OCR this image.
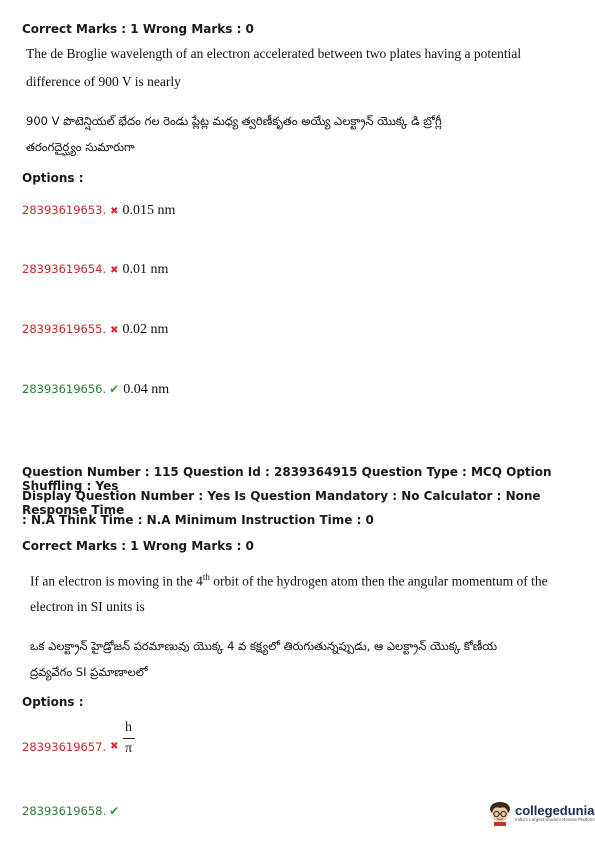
Correct Marks : 1 Wrong Marks : 0
The de Broglie wavelength of an electron accelerated between two plates having a potential
difference of 900 V is nearly
900 V పొటెన్షియల్ భేదం గల రెండు ప్లేట్ల మధ్య త్వరిణీకృతం అయ్యే ఎలక్ట్రాన్ యొక్క డి బ్రోగ్లీ
తరంగదైర్ఘ్యం సుమారుగా
Options :
28393619653. ✖ 0.015 nm
28393619654. ✖ 0.01 nm
28393619655. ✖ 0.02 nm
28393619656. ✔ 0.04 nm
Question Number : 115 Question Id : 2839364915 Question Type : MCQ Option Shuffling : Yes
Display Question Number : Yes Is Question Mandatory : No Calculator : None Response Time
: N.A Think Time : N.A Minimum Instruction Time : 0
Correct Marks : 1 Wrong Marks : 0
If an electron is moving in the 4th orbit of the hydrogen atom then the angular momentum of the
electron in SI units is
ఒక ఎలక్ట్రాన్ హైడ్రోజన్ పరమాణువు యొక్క 4 వ కక్ష్యలో తిరుగుతున్నప్పుడు, ఆ ఎలక్ట్రాన్ యొక్క కోణీయ
ద్రవ్యవేగం SI ప్రమాణాలలో
Options :
28393619657. ✖ $\frac{h}{\pi}$
28393619658. ✔	collegedunia
India's Largest Student Review Platform
